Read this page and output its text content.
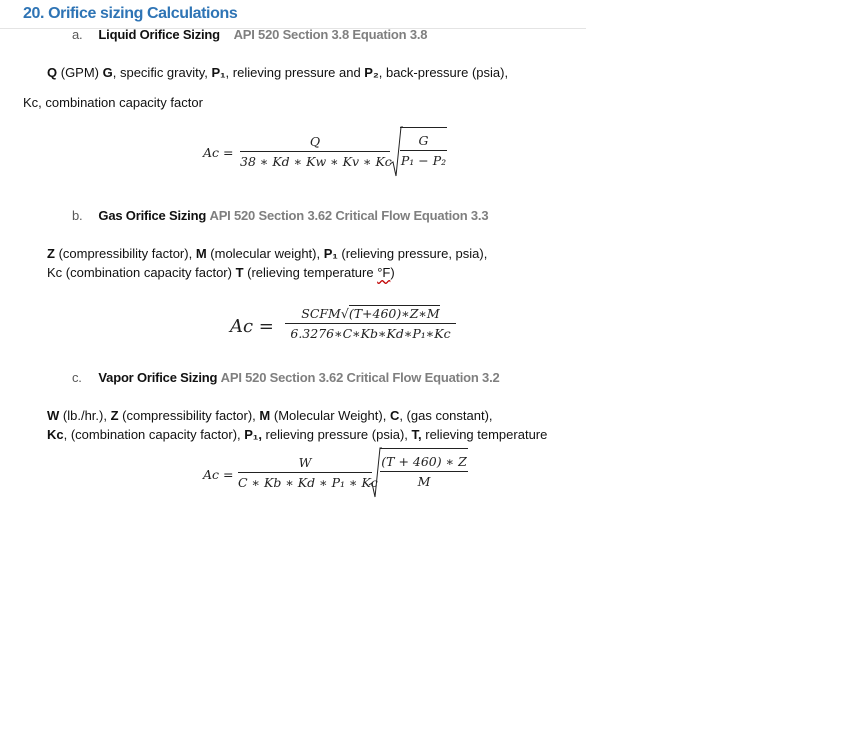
20. Orifice sizing Calculations
a. Liquid Orifice Sizing API 520 Section 3.8 Equation 3.8
Q (GPM) G, specific gravity, P₁, relieving pressure and P₂, back-pressure (psia),
Kc, combination capacity factor
Ac =
Q
38 ∗ Kd ∗ Kw ∗ Kv ∗ Kc
G
P₁ − P₂
b. Gas Orifice Sizing API 520 Section 3.62 Critical Flow Equation 3.3
Z (compressibility factor), M (molecular weight), P₁ (relieving pressure, psia),
Kc (combination capacity factor) T (relieving temperature °F)
Ac =
SCFM√(T+460)∗Z∗M
6.3276∗C∗Kb∗Kd∗P₁∗Kc
c. Vapor Orifice Sizing API 520 Section 3.62 Critical Flow Equation 3.2
W (lb./hr.), Z (compressibility factor), M (Molecular Weight), C, (gas constant),
Kc, (combination capacity factor), P₁, relieving pressure (psia), T, relieving temperature
Ac =
W
C ∗ Kb ∗ Kd ∗ P₁ ∗ Kc
(T + 460) ∗ Z
M
